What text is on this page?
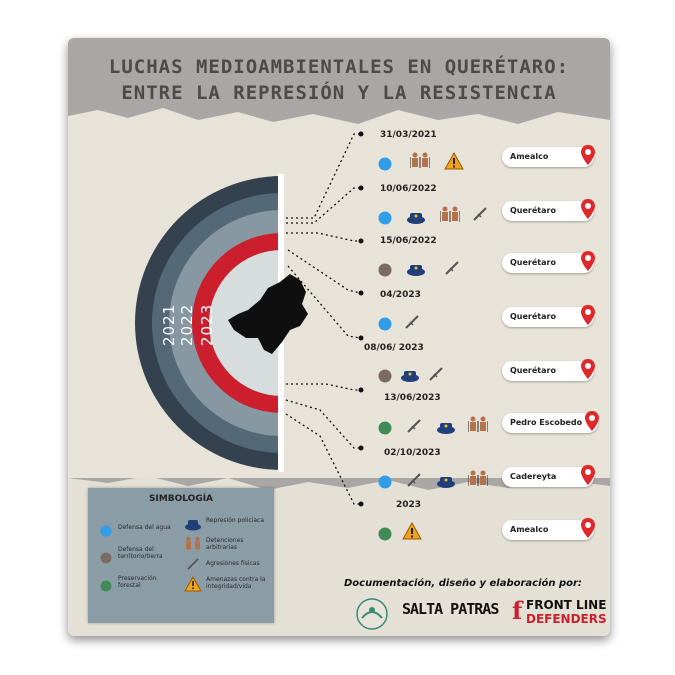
LUCHAS MEDIOAMBIENTALES EN QUERÉTARO:
ENTRE LA REPRESIÓN Y LA RESISTENCIA
2021 2022 2023
31/03/2021
Amealco
10/06/2022
Querétaro
15/06/2022
Querétaro
04/2023
Querétaro
08/06/ 2023
Querétaro
13/06/2023
Pedro Escobedo
02/10/2023
Cadereyta
2023
Amealco
SIMBOLOGÍA
Defensa del agua
Defensa del territorio/tierra
Preservación forestal
Represión policiaca
Detenciones arbitrarias
Agresiones físicas
Amenazas contra la integridad/vida	Documentación, diseño y elaboración por:
SALTA PATRAS f FRONT LINE
DEFENDERS
